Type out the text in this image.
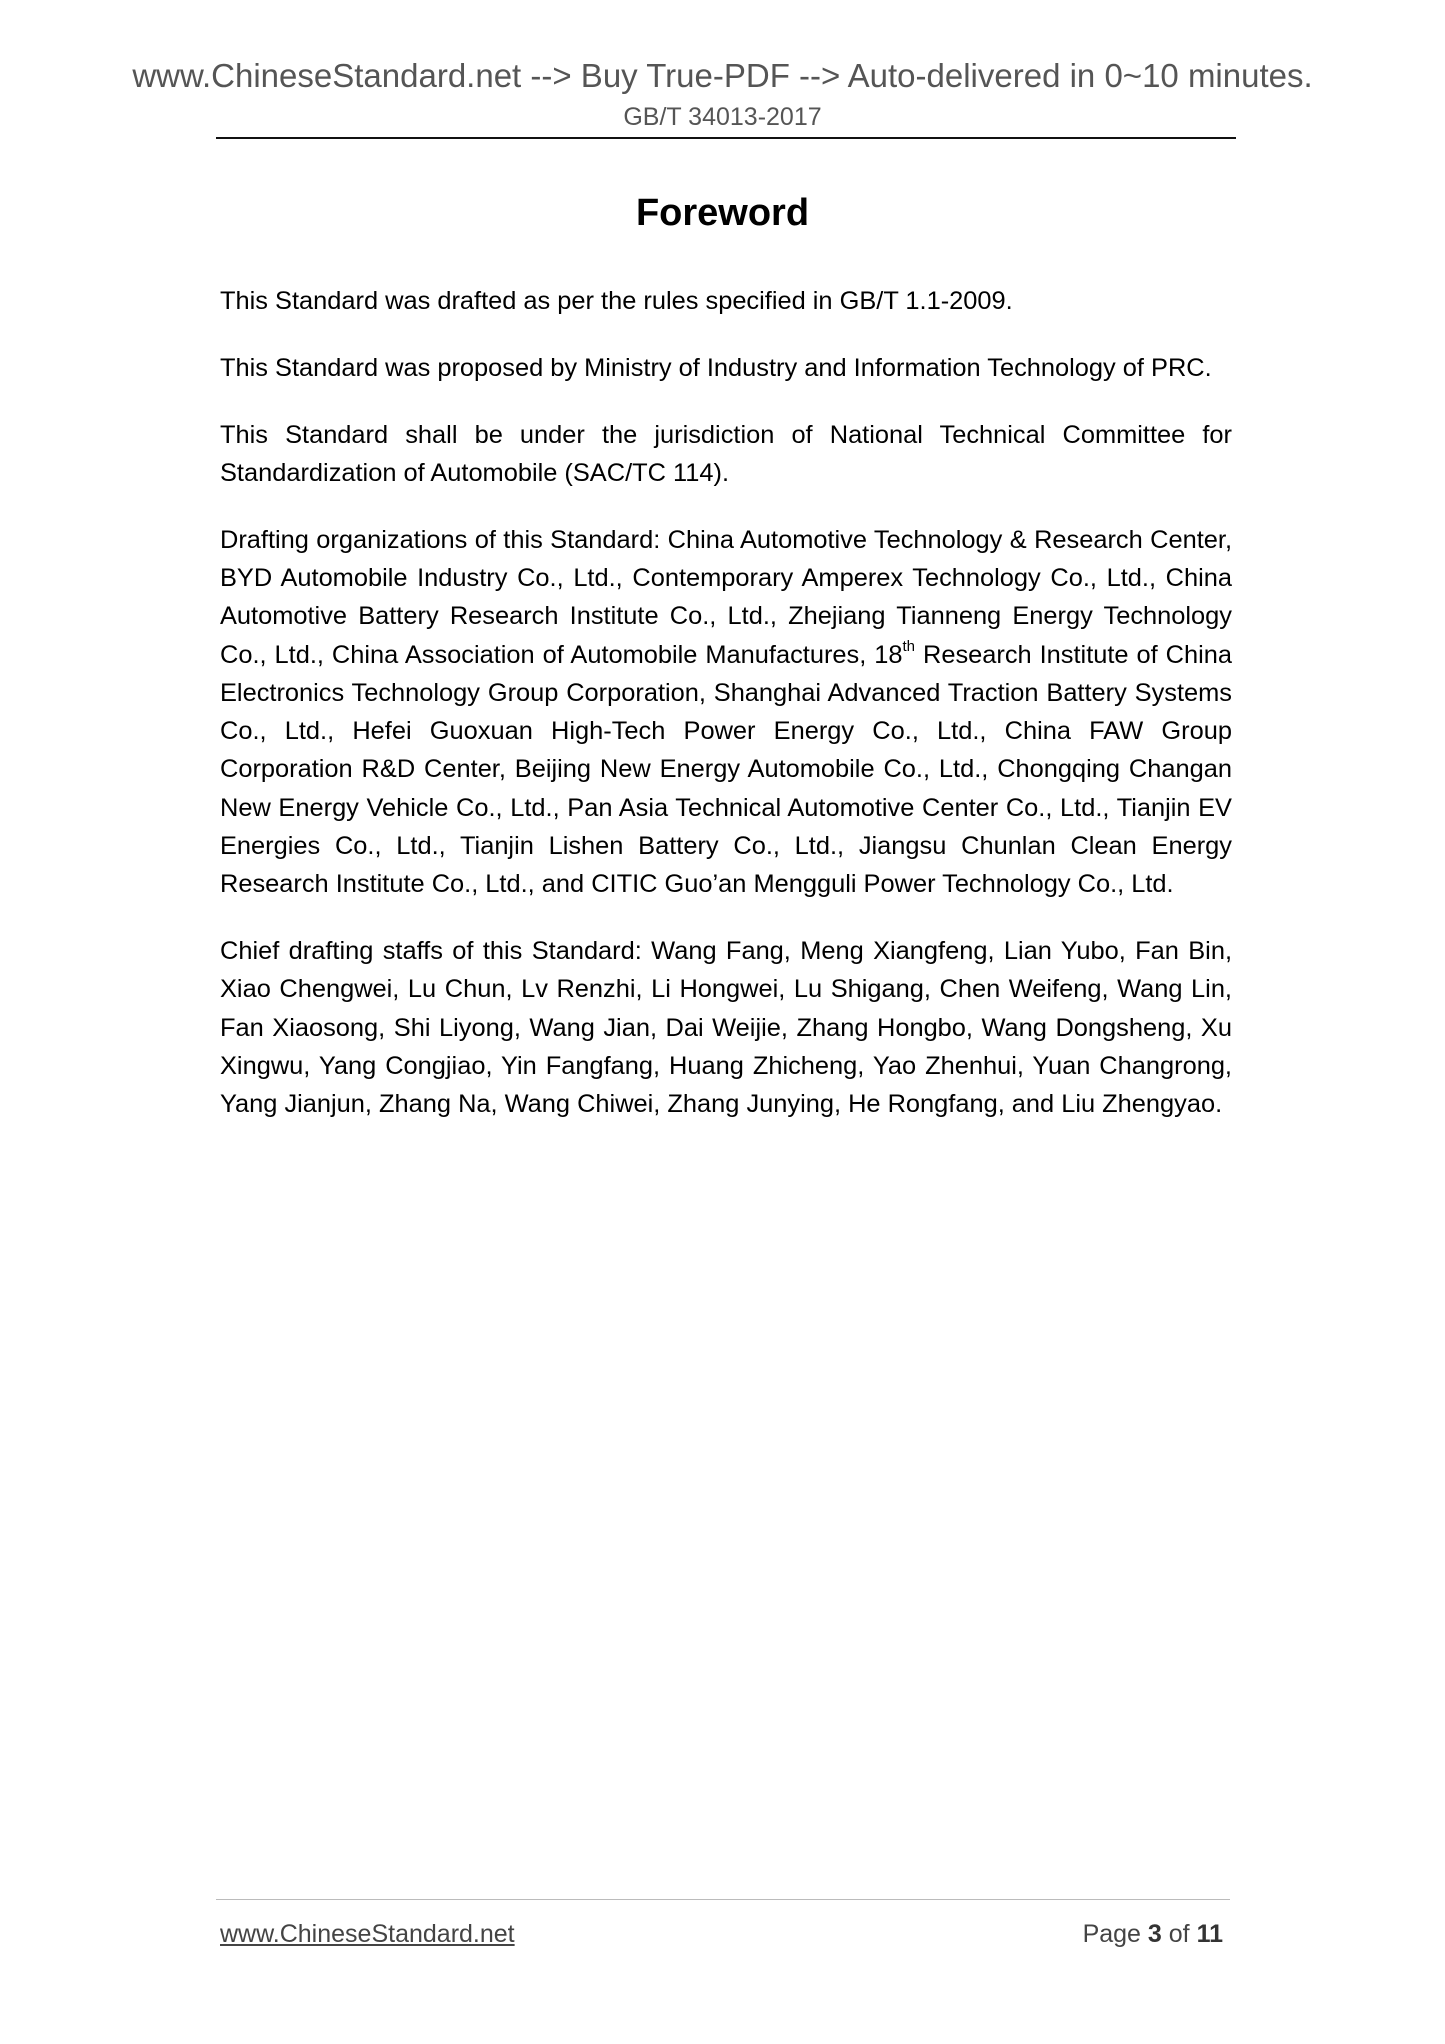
www.ChineseStandard.net --> Buy True-PDF --> Auto-delivered in 0~10 minutes.
GB/T 34013-2017
Foreword

This Standard was drafted as per the rules specified in GB/T 1.1-2009.

This Standard was proposed by Ministry of Industry and Information Technology of PRC.

This Standard shall be under the jurisdiction of National Technical Committee for Standardization of Automobile (SAC/TC 114).

Drafting organizations of this Standard: China Automotive Technology & Research Center, BYD Automobile Industry Co., Ltd., Contemporary Amperex Technology Co., Ltd., China Automotive Battery Research Institute Co., Ltd., Zhejiang Tianneng Energy Technology Co., Ltd., China Association of Automobile Manufactures, 18th Research Institute of China Electronics Technology Group Corporation, Shanghai Advanced Traction Battery Systems Co., Ltd., Hefei Guoxuan High-Tech Power Energy Co., Ltd., China FAW Group Corporation R&D Center, Beijing New Energy Automobile Co., Ltd., Chongqing Changan New Energy Vehicle Co., Ltd., Pan Asia Technical Automotive Center Co., Ltd., Tianjin EV Energies Co., Ltd., Tianjin Lishen Battery Co., Ltd., Jiangsu Chunlan Clean Energy Research Institute Co., Ltd., and CITIC Guo’an Mengguli Power Technology Co., Ltd.

Chief drafting staffs of this Standard: Wang Fang, Meng Xiangfeng, Lian Yubo, Fan Bin, Xiao Chengwei, Lu Chun, Lv Renzhi, Li Hongwei, Lu Shigang, Chen Weifeng, Wang Lin, Fan Xiaosong, Shi Liyong, Wang Jian, Dai Weijie, Zhang Hongbo, Wang Dongsheng, Xu Xingwu, Yang Congjiao, Yin Fangfang, Huang Zhicheng, Yao Zhenhui, Yuan Changrong, Yang Jianjun, Zhang Na, Wang Chiwei, Zhang Junying, He Rongfang, and Liu Zhengyao.

www.ChineseStandard.net	Page 3 of 11
